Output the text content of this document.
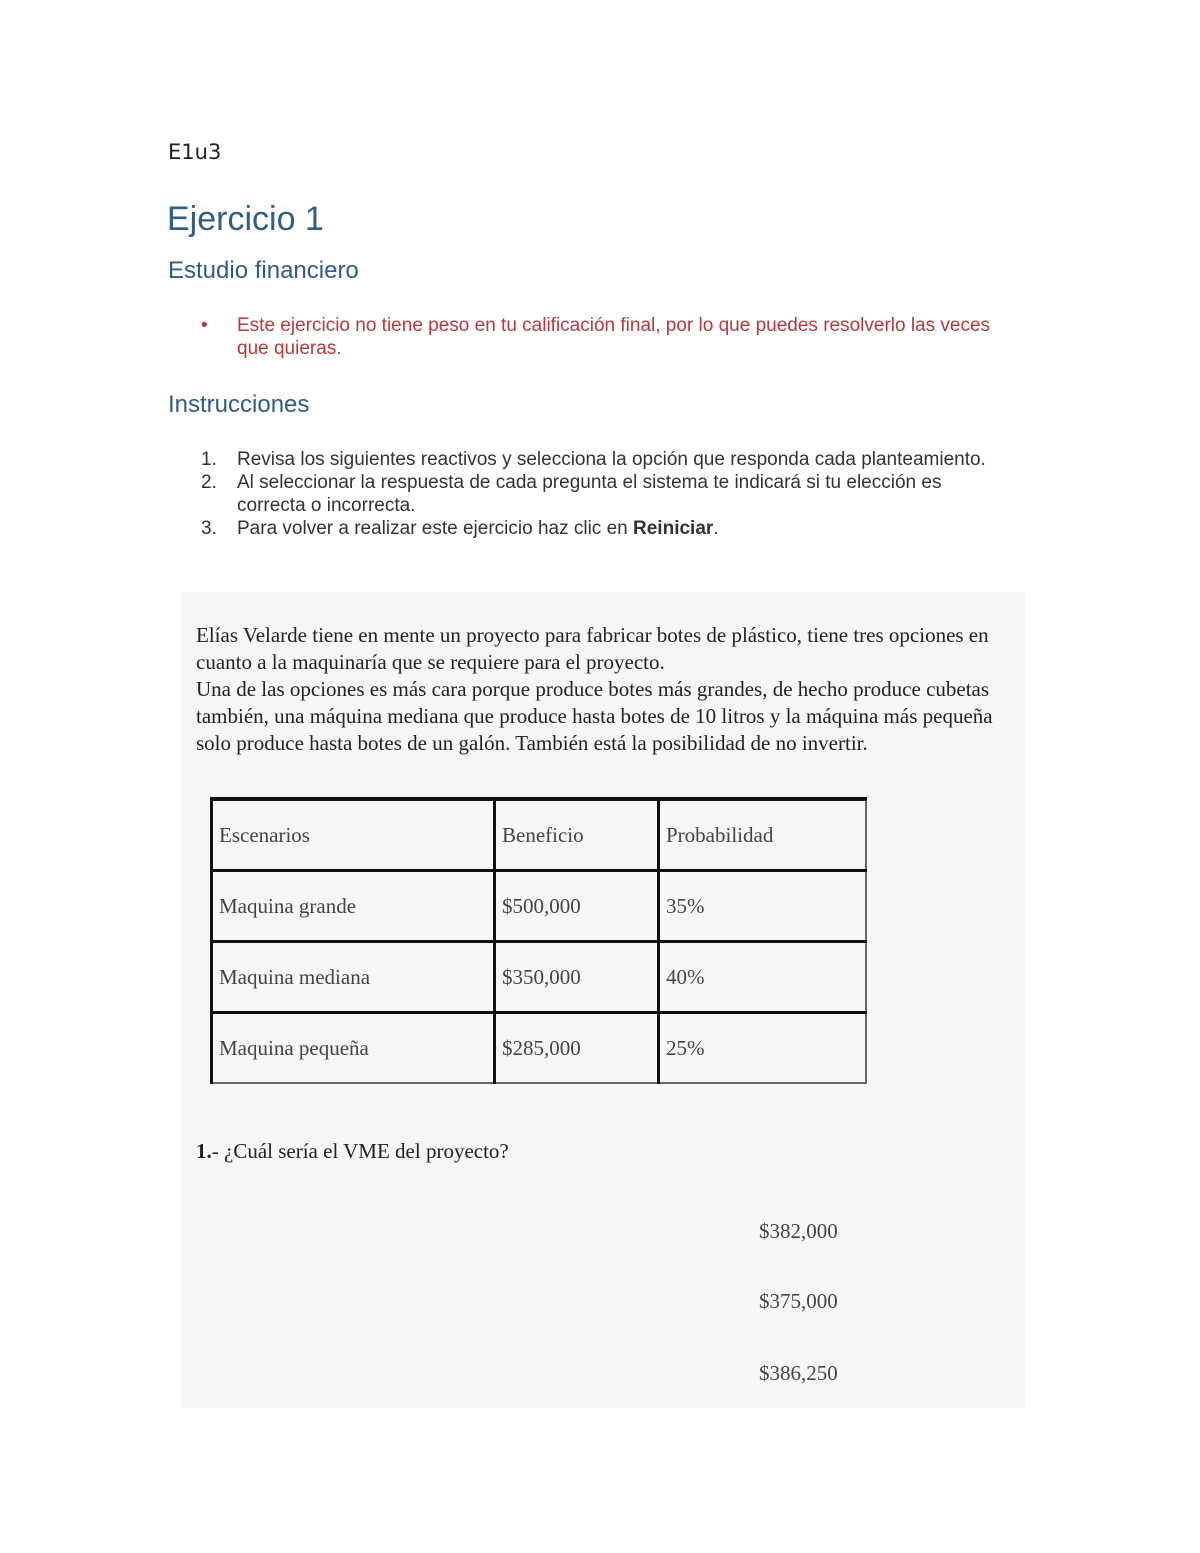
E1u3
Ejercicio 1
Estudio financiero
• Este ejercicio no tiene peso en tu calificación final, por lo que puedes resolverlo las veces que quieras.
Instrucciones
1. Revisa los siguientes reactivos y selecciona la opción que responda cada planteamiento.
2. Al seleccionar la respuesta de cada pregunta el sistema te indicará si tu elección es correcta o incorrecta.
3. Para volver a realizar este ejercicio haz clic en Reiniciar.

Elías Velarde tiene en mente un proyecto para fabricar botes de plástico, tiene tres opciones en cuanto a la maquinaría que se requiere para el proyecto.

Una de las opciones es más cara porque produce botes más grandes, de hecho produce cubetas también, una máquina mediana que produce hasta botes de 10 litros y la máquina más pequeña solo produce hasta botes de un galón. También está la posibilidad de no invertir.

Escenarios	Beneficio	Probabilidad
Maquina grande	$500,000	35%
Maquina mediana	$350,000	40%
Maquina pequeña	$285,000	25%
1.- ¿Cuál sería el VME del proyecto?
$382,000
$375,000
$386,250
